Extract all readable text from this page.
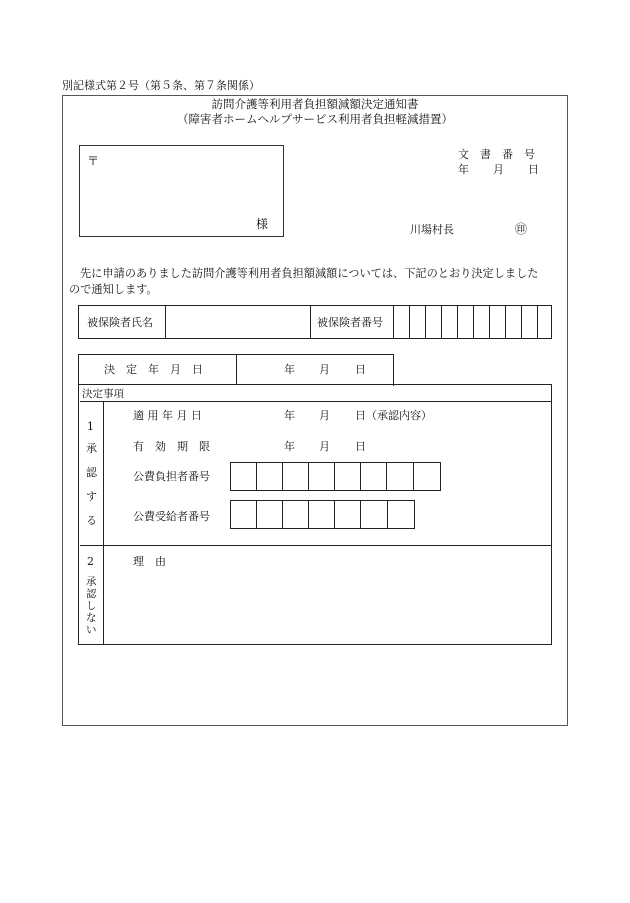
別記様式第２号（第５条、第７条関係）
訪問介護等利用者負担額減額決定通知書
（障害者ホームヘルプサービス利用者負担軽減措置）
〒
様
文　書　番　号
年 月 日
川場村長	㊞
先に申請のありました訪問介護等利用者負担額減額については、下記のとおり決定しました
ので通知します。
被保険者氏名	被保険者番号
決　定　年　月　日	年 月 日
決定事項
1
承
認
す
る
適 用 年 月 日	年 月 日（承認内容）
有　効　期　限	年 月 日
公費負担者番号
公費受給者番号
2
承
認
し
な
い
理　由
